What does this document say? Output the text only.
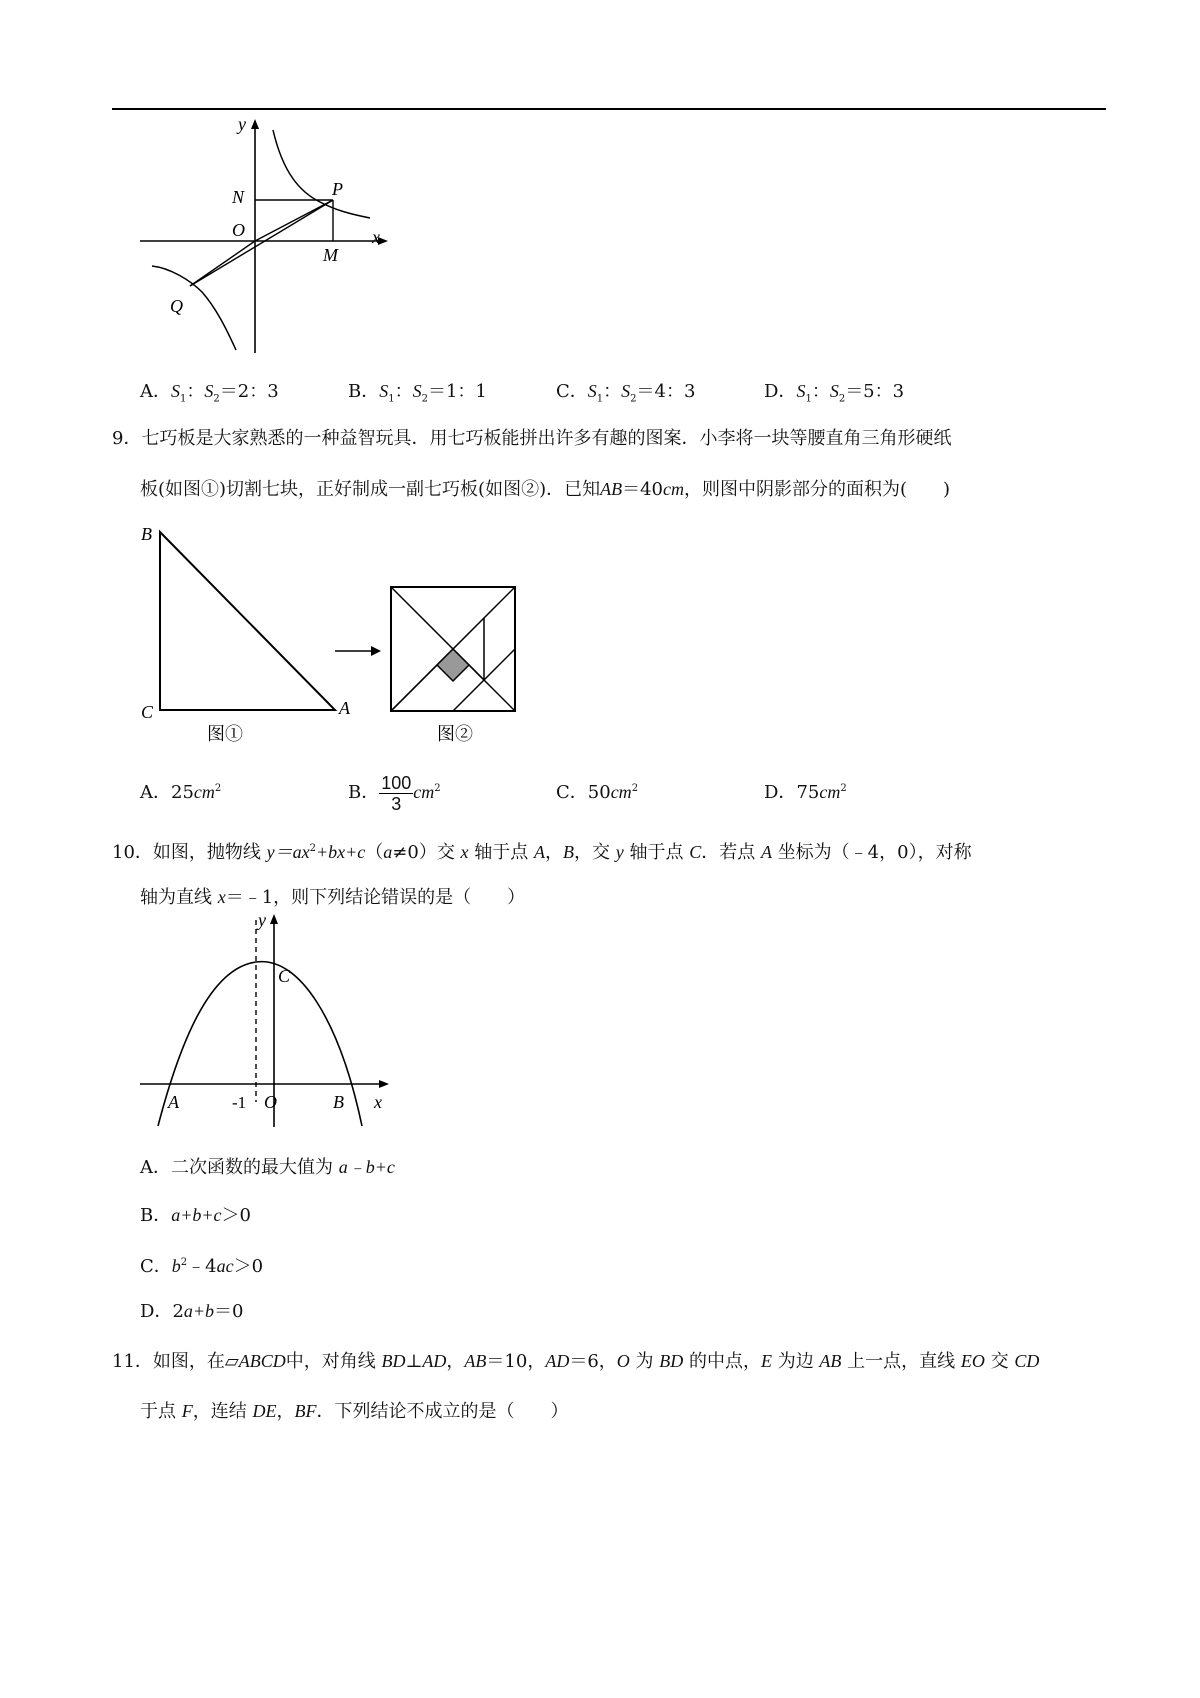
y
x
N	P
O
M
Q
A．$S_1$：$S_2=2$：3	B．$S_1$：$S_2=1$：1	C．$S_1$：$S_2=4$：3	D．$S_1$：$S_2=5$：3
9．七巧板是大家熟悉的一种益智玩具．用七巧板能拼出许多有趣的图案．小李将一块等腰直角三角形硬纸
板(如图①)切割七块，正好制成一副七巧板(如图②)．已知AB＝40cm，则图中阴影部分的面积为(　　)
B
C	A
图①	图②
A．$25cm^2$	B． $\frac{100}{3} cm^2$	C．$50cm^2$	D．$75cm^2$
10．如图，抛物线 $y=ax^2+bx+c(a\ne 0)$交 x 轴于点 A，B，交 y 轴于点 C．若点 A 坐标为（﹣4，0），对称
轴为直线 x＝﹣1，则下列结论错误的是（　　）
y
x
C
A	-1 O	B
A．二次函数的最大值为 a﹣b+c
B．a+b+c＞0
C．$b^2﹣4ac>0$
D．2a+b＝0
11．如图，在▱ABCD中，对角线 BD⊥AD，AB＝10，AD＝6，O 为 BD 的中点，E 为边 AB 上一点，直线 EO 交 CD
于点 F，连结 DE，BF．下列结论不成立的是（　　）
